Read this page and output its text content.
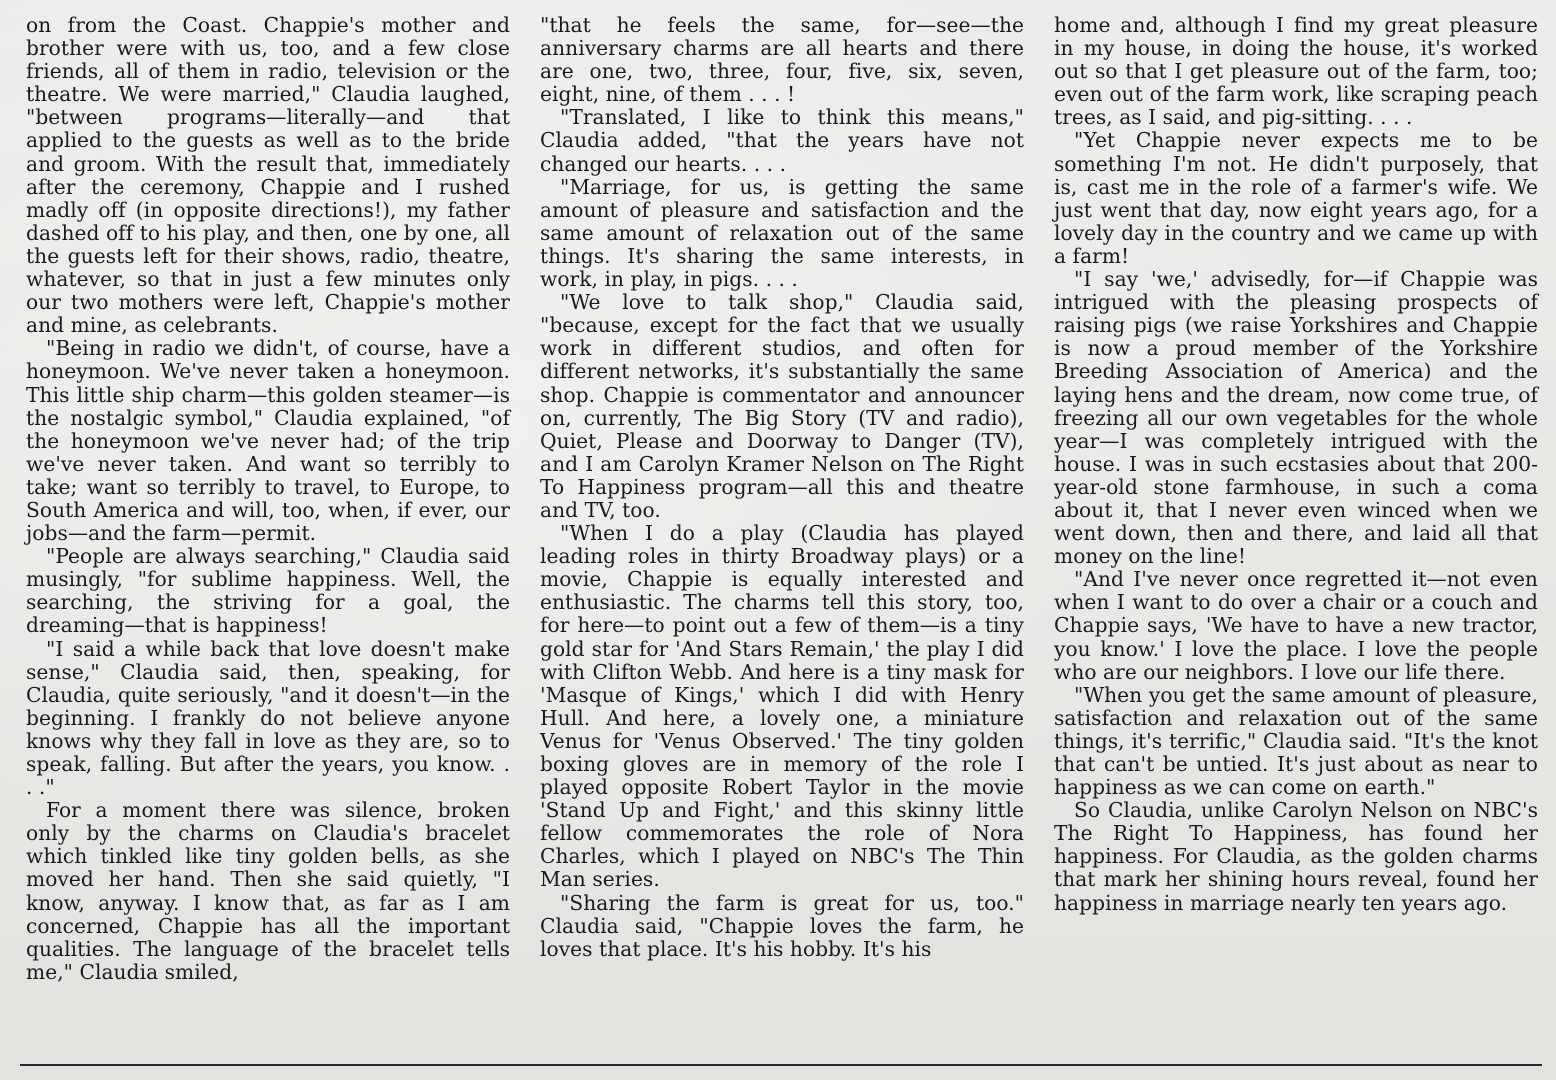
on from the Coast. Chappie's mother and brother were with us, too, and a few close friends, all of them in radio, television or the theatre. We were married," Claudia laughed, "between programs—literally—and that applied to the guests as well as to the bride and groom. With the result that, immediately after the ceremony, Chappie and I rushed madly off (in opposite directions!), my father dashed off to his play, and then, one by one, all the guests left for their shows, radio, theatre, whatever, so that in just a few minutes only our two mothers were left, Chappie's mother and mine, as celebrants.

"Being in radio we didn't, of course, have a honeymoon. We've never taken a honeymoon. This little ship charm—this golden steamer—is the nostalgic symbol," Claudia explained, "of the honeymoon we've never had; of the trip we've never taken. And want so terribly to take; want so terribly to travel, to Europe, to South America and will, too, when, if ever, our jobs—and the farm—permit.

"People are always searching," Claudia said musingly, "for sublime happiness. Well, the searching, the striving for a goal, the dreaming—that is happiness!

"I said a while back that love doesn't make sense," Claudia said, then, speaking, for Claudia, quite seriously, "and it doesn't—in the beginning. I frankly do not believe anyone knows why they fall in love as they are, so to speak, falling. But after the years, you know. . . ."

For a moment there was silence, broken only by the charms on Claudia's bracelet which tinkled like tiny golden bells, as she moved her hand. Then she said quietly, "I know, anyway. I know that, as far as I am concerned, Chappie has all the important qualities. The language of the bracelet tells me," Claudia smiled,

"that he feels the same, for—see—the anniversary charms are all hearts and there are one, two, three, four, five, six, seven, eight, nine, of them . . . !

"Translated, I like to think this means," Claudia added, "that the years have not changed our hearts. . . .

"Marriage, for us, is getting the same amount of pleasure and satisfaction and the same amount of relaxation out of the same things. It's sharing the same interests, in work, in play, in pigs. . . .

"We love to talk shop," Claudia said, "because, except for the fact that we usually work in different studios, and often for different networks, it's substantially the same shop. Chappie is commentator and announcer on, currently, The Big Story (TV and radio), Quiet, Please and Doorway to Danger (TV), and I am Carolyn Kramer Nelson on The Right To Happiness program—all this and theatre and TV, too.

"When I do a play (Claudia has played leading roles in thirty Broadway plays) or a movie, Chappie is equally interested and enthusiastic. The charms tell this story, too, for here—to point out a few of them—is a tiny gold star for 'And Stars Remain,' the play I did with Clifton Webb. And here is a tiny mask for 'Masque of Kings,' which I did with Henry Hull. And here, a lovely one, a miniature Venus for 'Venus Observed.' The tiny golden boxing gloves are in memory of the role I played opposite Robert Taylor in the movie 'Stand Up and Fight,' and this skinny little fellow commemorates the role of Nora Charles, which I played on NBC's The Thin Man series.

"Sharing the farm is great for us, too." Claudia said, "Chappie loves the farm, he loves that place. It's his hobby. It's his

home and, although I find my great pleasure in my house, in doing the house, it's worked out so that I get pleasure out of the farm, too; even out of the farm work, like scraping peach trees, as I said, and pig-sitting. . . .

"Yet Chappie never expects me to be something I'm not. He didn't purposely, that is, cast me in the role of a farmer's wife. We just went that day, now eight years ago, for a lovely day in the country and we came up with a farm!

"I say 'we,' advisedly, for—if Chappie was intrigued with the pleasing prospects of raising pigs (we raise Yorkshires and Chappie is now a proud member of the Yorkshire Breeding Association of America) and the laying hens and the dream, now come true, of freezing all our own vegetables for the whole year—I was completely intrigued with the house. I was in such ecstasies about that 200-year-old stone farmhouse, in such a coma about it, that I never even winced when we went down, then and there, and laid all that money on the line!

"And I've never once regretted it—not even when I want to do over a chair or a couch and Chappie says, 'We have to have a new tractor, you know.' I love the place. I love the people who are our neighbors. I love our life there.

"When you get the same amount of pleasure, satisfaction and relaxation out of the same things, it's terrific," Claudia said. "It's the knot that can't be untied. It's just about as near to happiness as we can come on earth."

So Claudia, unlike Carolyn Nelson on NBC's The Right To Happiness, has found her happiness. For Claudia, as the golden charms that mark her shining hours reveal, found her happiness in marriage nearly ten years ago.
